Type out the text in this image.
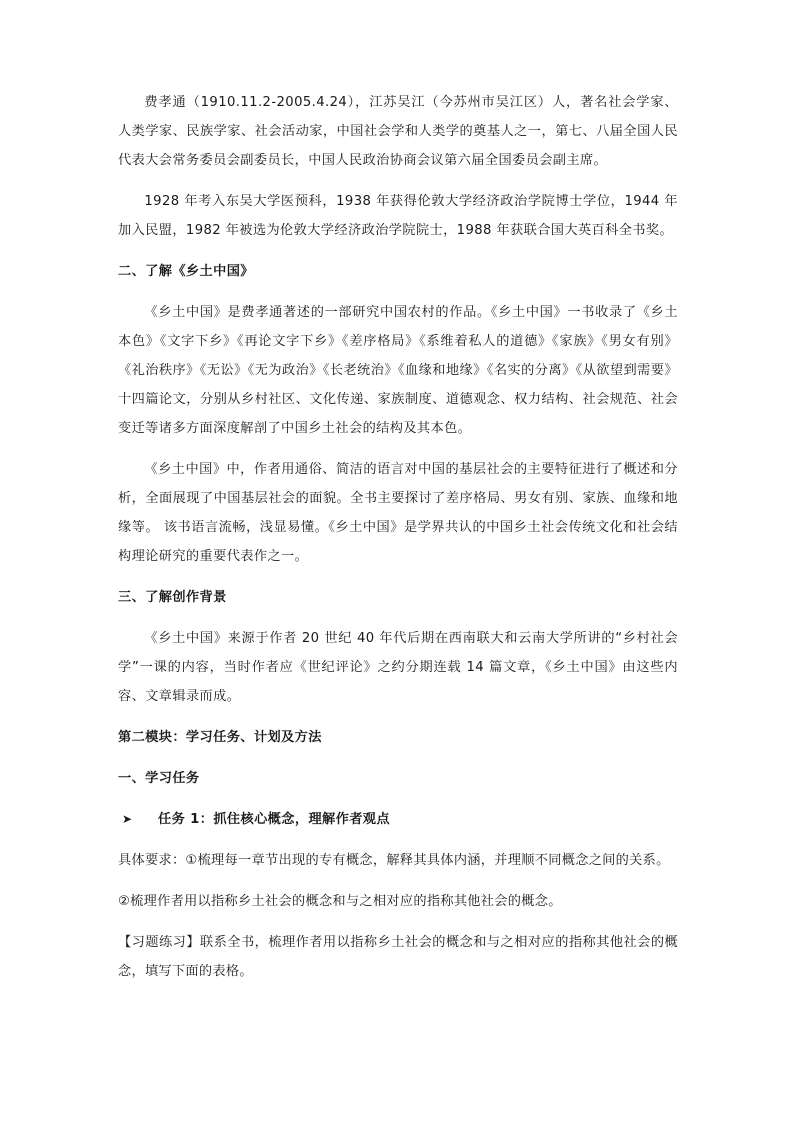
费孝通（1910.11.2-2005.4.24），江苏吴江（今苏州市吴江区）人，著名社会学家、人类学家、民族学家、社会活动家，中国社会学和人类学的奠基人之一，第七、八届全国人民代表大会常务委员会副委员长，中国人民政治协商会议第六届全国委员会副主席。

1928 年考入东吴大学医预科，1938 年获得伦敦大学经济政治学院博士学位，1944 年加入民盟，1982 年被选为伦敦大学经济政治学院院士，1988 年获联合国大英百科全书奖。

二、了解《乡土中国》

《乡土中国》是费孝通著述的一部研究中国农村的作品。《乡土中国》一书收录了《乡土本色》《文字下乡》《再论文字下乡》《差序格局》《系维着私人的道德》《家族》《男女有别》《礼治秩序》《无讼》《无为政治》《长老统治》《血缘和地缘》《名实的分离》《从欲望到需要》十四篇论文，分别从乡村社区、文化传递、家族制度、道德观念、权力结构、社会规范、社会变迁等诸多方面深度解剖了中国乡土社会的结构及其本色。

《乡土中国》中，作者用通俗、简洁的语言对中国的基层社会的主要特征进行了概述和分析，全面展现了中国基层社会的面貌。全书主要探讨了差序格局、男女有别、家族、血缘和地缘等。 该书语言流畅，浅显易懂。《乡土中国》是学界共认的中国乡土社会传统文化和社会结构理论研究的重要代表作之一。

三、了解创作背景

《乡土中国》来源于作者 20 世纪 40 年代后期在西南联大和云南大学所讲的“乡村社会学”一课的内容，当时作者应《世纪评论》之约分期连载 14 篇文章，《乡土中国》由这些内容、文章辑录而成。

第二模块：学习任务、计划及方法

一、学习任务

➤	任务 1：抓住核心概念，理解作者观点

具体要求：①梳理每一章节出现的专有概念，解释其具体内涵，并理顺不同概念之间的关系。

②梳理作者用以指称乡土社会的概念和与之相对应的指称其他社会的概念。

【习题练习】联系全书，梳理作者用以指称乡土社会的概念和与之相对应的指称其他社会的概念，填写下面的表格。
